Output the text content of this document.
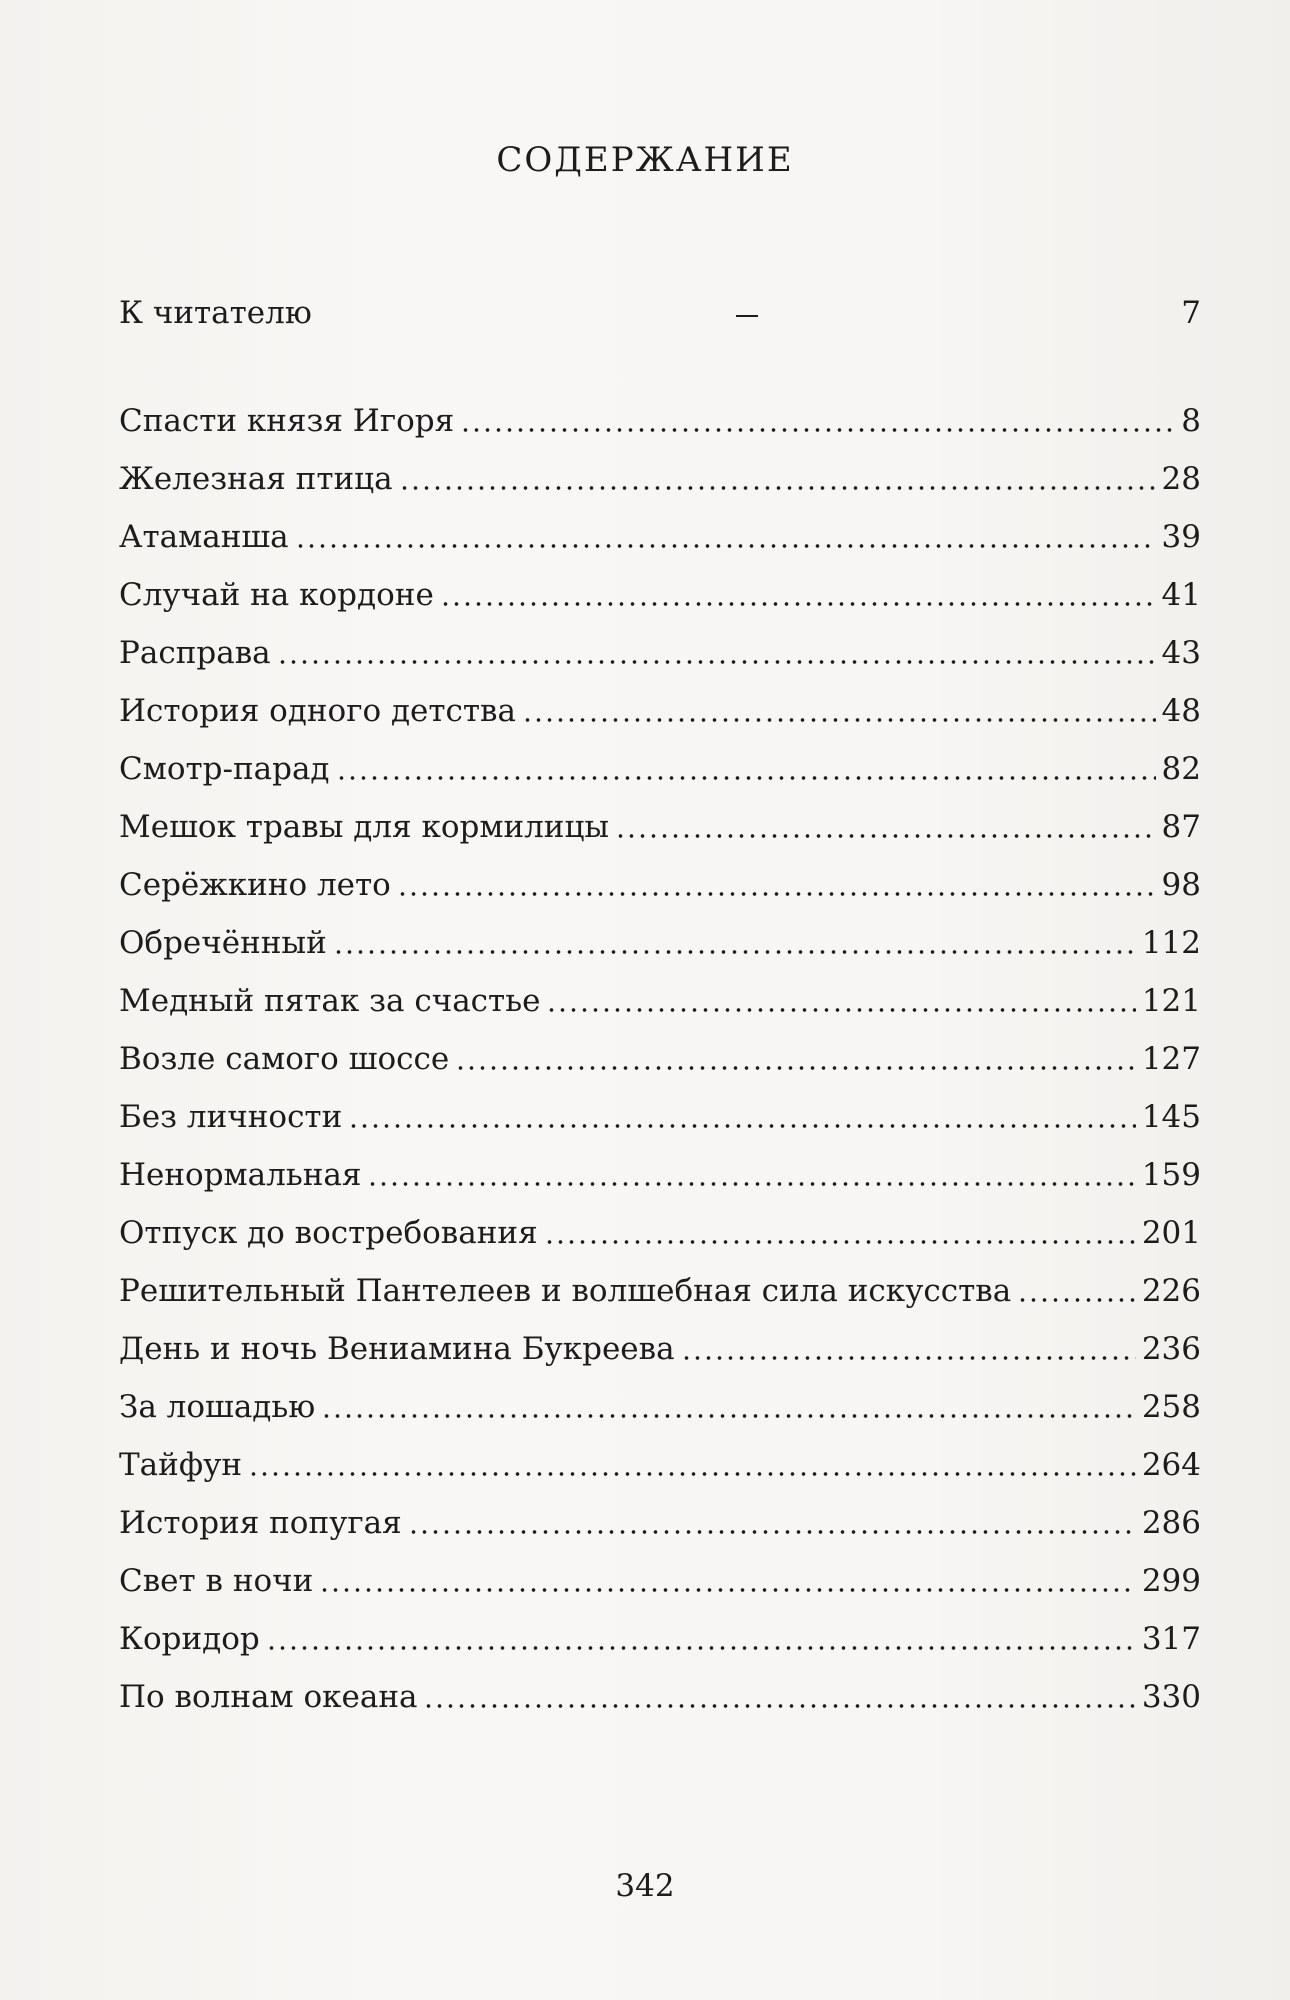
СОДЕРЖАНИЕ
К читателю	7
Спасти князя Игоря	8
Железная птица	28
Атаманша	39
Случай на кордоне	41
Расправа	43
История одного детства	48
Смотр-парад	82
Мешок травы для кормилицы	87
Серёжкино лето	98
Обречённый	112
Медный пятак за счастье	121
Возле самого шоссе	127
Без личности	145
Ненормальная	159
Отпуск до востребования	201
Решительный Пантелеев и волшебная сила искусства	226
День и ночь Вениамина Букреева	236
За лошадью	258
Тайфун	264
История попугая	286
Свет в ночи	299
Коридор	317
По волнам океана	330
342
